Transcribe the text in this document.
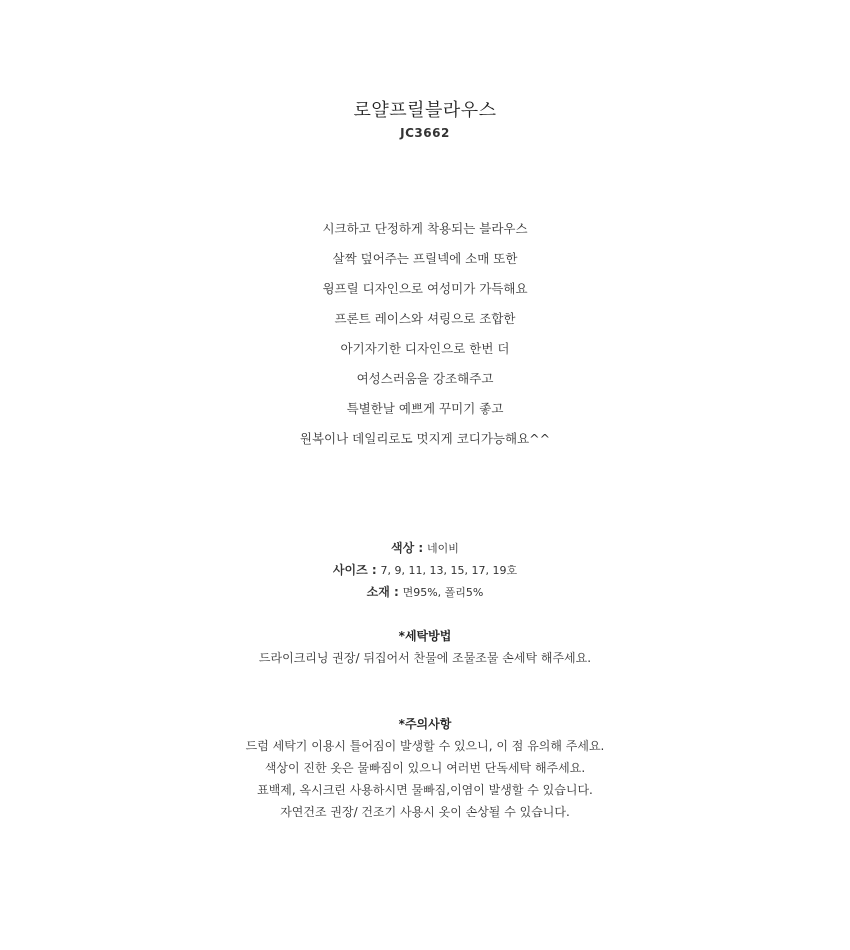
로얄프릴블라우스
JC3662
시크하고 단정하게 착용되는 블라우스
살짝 덮어주는 프릴넥에 소매 또한
윙프릴 디자인으로 여성미가 가득해요
프론트 레이스와 셔링으로 조합한
아기자기한 디자인으로 한번 더
여성스러움을 강조해주고
특별한날 예쁘게 꾸미기 좋고
원복이나 데일리로도 멋지게 코디가능해요^^
색상 : 네이비
사이즈 : 7, 9, 11, 13, 15, 17, 19호
소재 : 면95%, 폴리5%
*세탁방법
드라이크리닝 권장/ 뒤집어서 찬물에 조물조물 손세탁 해주세요.
*주의사항
드럼 세탁기 이용시 틀어짐이 발생할 수 있으니, 이 점 유의해 주세요.
색상이 진한 옷은 물빠짐이 있으니 여러번 단독세탁 해주세요.
표백제, 옥시크린 사용하시면 물빠짐,이염이 발생할 수 있습니다.
자연건조 권장/ 건조기 사용시 옷이 손상될 수 있습니다.
